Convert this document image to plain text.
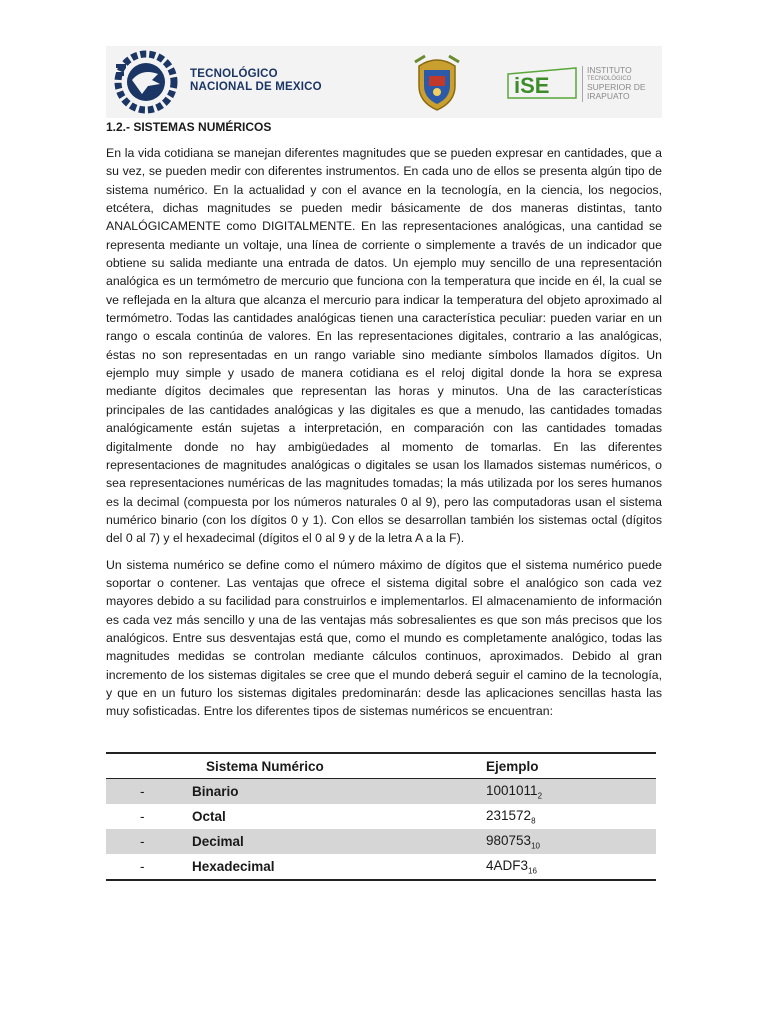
TECNOLÓGICO
NACIONAL DE MEXICO	iSE
INSTITUTO
TECNOLÓGICO
SUPERIOR DE
IRAPUATO
1.2.- SISTEMAS NUMÉRICOS

En la vida cotidiana se manejan diferentes magnitudes que se pueden expresar en cantidades, que a su vez, se pueden medir con diferentes instrumentos. En cada uno de ellos se presenta algún tipo de sistema numérico. En la actualidad y con el avance en la tecnología, en la ciencia, los negocios, etcétera, dichas magnitudes se pueden medir básicamente de dos maneras distintas, tanto ANALÓGICAMENTE como DIGITALMENTE. En las representaciones analógicas, una cantidad se representa mediante un voltaje, una línea de corriente o simplemente a través de un indicador que obtiene su salida mediante una entrada de datos. Un ejemplo muy sencillo de una representación analógica es un termómetro de mercurio que funciona con la temperatura que incide en él, la cual se ve reflejada en la altura que alcanza el mercurio para indicar la temperatura del objeto aproximado al termómetro. Todas las cantidades analógicas tienen una característica peculiar: pueden variar en un rango o escala continúa de valores. En las representaciones digitales, contrario a las analógicas, éstas no son representadas en un rango variable sino mediante símbolos llamados dígitos. Un ejemplo muy simple y usado de manera cotidiana es el reloj digital donde la hora se expresa mediante dígitos decimales que representan las horas y minutos. Una de las características principales de las cantidades analógicas y las digitales es que a menudo, las cantidades tomadas analógicamente están sujetas a interpretación, en comparación con las cantidades tomadas digitalmente donde no hay ambigüedades al momento de tomarlas. En las diferentes representaciones de magnitudes analógicas o digitales se usan los llamados sistemas numéricos, o sea representaciones numéricas de las magnitudes tomadas; la más utilizada por los seres humanos es la decimal (compuesta por los números naturales 0 al 9), pero las computadoras usan el sistema numérico binario (con los dígitos 0 y 1). Con ellos se desarrollan también los sistemas octal (dígitos del 0 al 7) y el hexadecimal (dígitos el 0 al 9 y de la letra A a la F).

Un sistema numérico se define como el número máximo de dígitos que el sistema numérico puede soportar o contener. Las ventajas que ofrece el sistema digital sobre el analógico son cada vez mayores debido a su facilidad para construirlos e implementarlos. El almacenamiento de información es cada vez más sencillo y una de las ventajas más sobresalientes es que son más precisos que los analógicos. Entre sus desventajas está que, como el mundo es completamente analógico, todas las magnitudes medidas se controlan mediante cálculos continuos, aproximados. Debido al gran incremento de los sistemas digitales se cree que el mundo deberá seguir el camino de la tecnología, y que en un futuro los sistemas digitales predominarán: desde las aplicaciones sencillas hasta las muy sofisticadas. Entre los diferentes tipos de sistemas numéricos se encuentran:

Sistema Numérico		Ejemplo
-	Binario	$1001011_2$
-	Octal	$231572_8$
-	Decimal	$980753_{10}$
-	Hexadecimal	$4ADF3_{16}$
